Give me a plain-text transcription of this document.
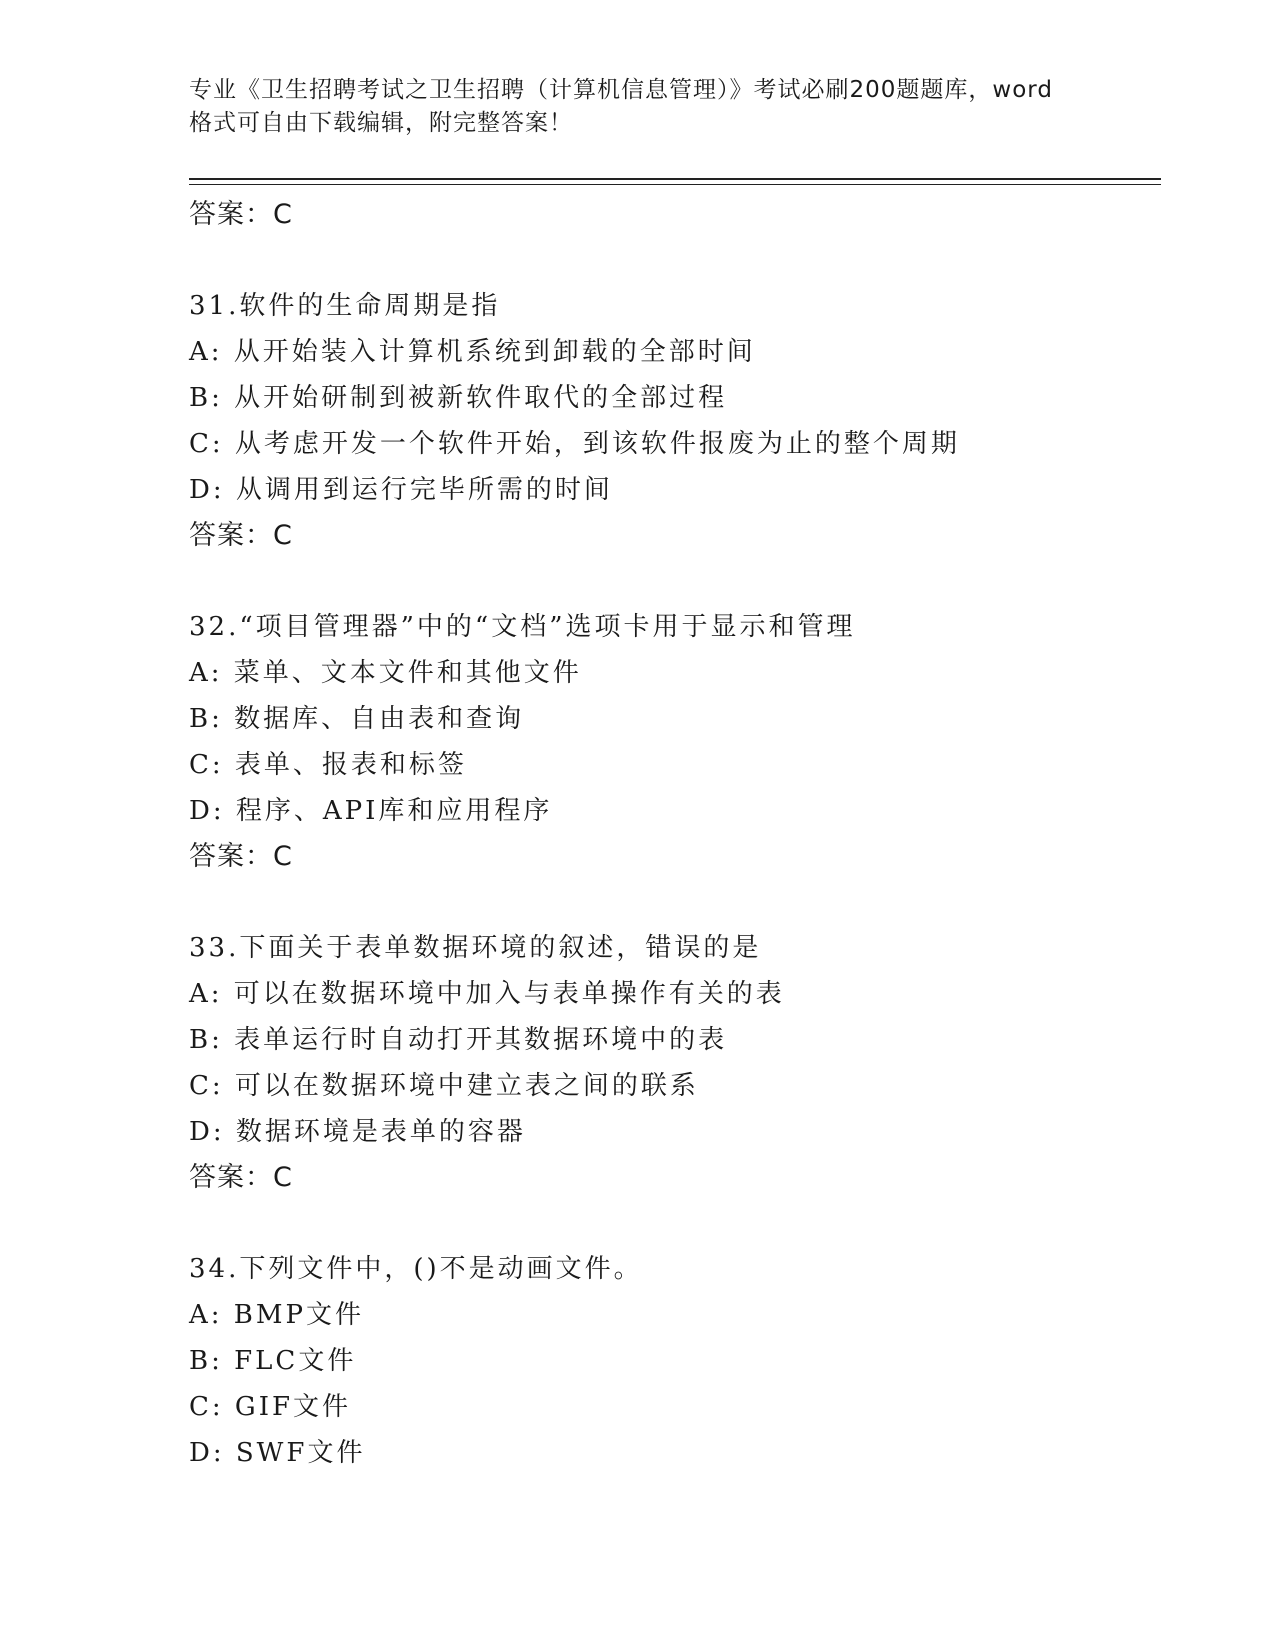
专业《卫生招聘考试之卫生招聘（计算机信息管理）》考试必刷200题题库，word
格式可自由下载编辑，附完整答案！
答案：C
31.软件的生命周期是指
A: 从开始装入计算机系统到卸载的全部时间
B: 从开始研制到被新软件取代的全部过程
C: 从考虑开发一个软件开始，到该软件报废为止的整个周期
D: 从调用到运行完毕所需的时间
答案：C
32.“项目管理器”中的“文档”选项卡用于显示和管理
A: 菜单、文本文件和其他文件
B: 数据库、自由表和查询
C: 表单、报表和标签
D: 程序、API库和应用程序
答案：C
33.下面关于表单数据环境的叙述，错误的是
A: 可以在数据环境中加入与表单操作有关的表
B: 表单运行时自动打开其数据环境中的表
C: 可以在数据环境中建立表之间的联系
D: 数据环境是表单的容器
答案：C
34.下列文件中，()不是动画文件。
A: BMP文件
B: FLC文件
C: GIF文件
D: SWF文件
